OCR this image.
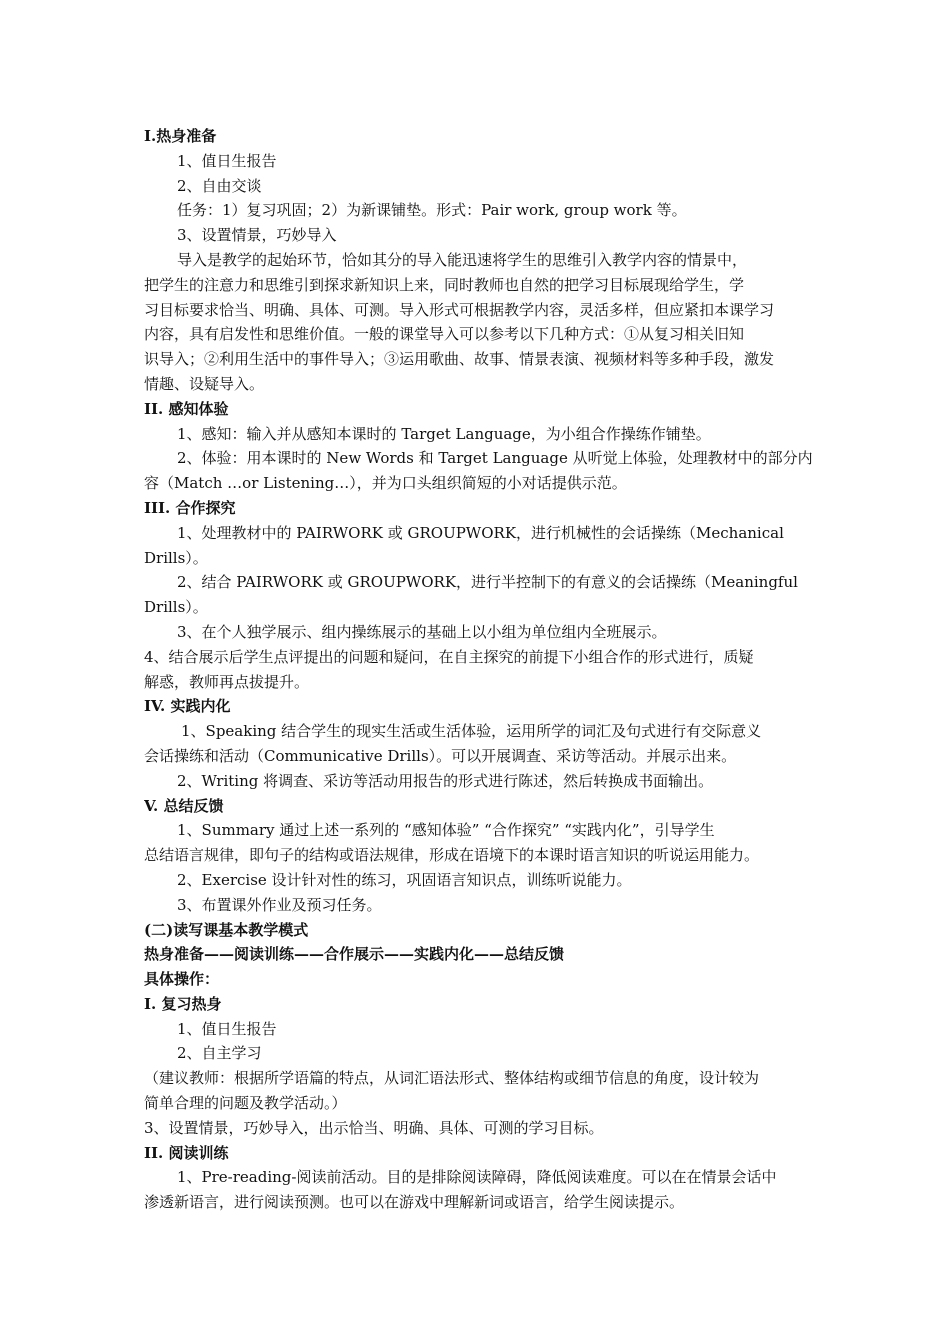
I.热身准备
1、值日生报告
2、自由交谈
任务：1）复习巩固；2）为新课铺垫。形式：Pair work, group work 等。
3、设置情景，巧妙导入
导入是教学的起始环节，恰如其分的导入能迅速将学生的思维引入教学内容的情景中，
把学生的注意力和思维引到探求新知识上来，同时教师也自然的把学习目标展现给学生，学
习目标要求恰当、明确、具体、可测。导入形式可根据教学内容，灵活多样，但应紧扣本课学习
内容，具有启发性和思维价值。一般的课堂导入可以参考以下几种方式：①从复习相关旧知
识导入；②利用生活中的事件导入；③运用歌曲、故事、情景表演、视频材料等多种手段，激发
情趣、设疑导入。
II. 感知体验
1、感知：输入并从感知本课时的 Target Language，为小组合作操练作铺垫。
2、体验：用本课时的 New Words 和 Target Language 从听觉上体验，处理教材中的部分内
容（Match …or Listening…），并为口头组织简短的小对话提供示范。
III. 合作探究
1、处理教材中的 PAIRWORK 或 GROUPWORK，进行机械性的会话操练（Mechanical
Drills）。
2、结合 PAIRWORK 或 GROUPWORK，进行半控制下的有意义的会话操练（Meaningful
Drills）。
3、在个人独学展示、组内操练展示的基础上以小组为单位组内全班展示。
4、结合展示后学生点评提出的问题和疑问，在自主探究的前提下小组合作的形式进行，质疑
解惑，教师再点拔提升。
IV. 实践内化
1、Speaking 结合学生的现实生活或生活体验，运用所学的词汇及句式进行有交际意义
会话操练和活动（Communicative Drills）。可以开展调查、采访等活动。并展示出来。
2、Writing 将调查、采访等活动用报告的形式进行陈述，然后转换成书面输出。
V. 总结反馈
1、Summary 通过上述一系列的 “感知体验” “合作探究” “实践内化”，引导学生
总结语言规律，即句子的结构或语法规律，形成在语境下的本课时语言知识的听说运用能力。
2、Exercise 设计针对性的练习，巩固语言知识点，训练听说能力。
3、布置课外作业及预习任务。
(二)读写课基本教学模式
热身准备——阅读训练——合作展示——实践内化——总结反馈
具体操作：
I. 复习热身
1、值日生报告
2、自主学习
（建议教师：根据所学语篇的特点，从词汇语法形式、整体结构或细节信息的角度，设计较为
简单合理的问题及教学活动。）
3、设置情景，巧妙导入，出示恰当、明确、具体、可测的学习目标。
II. 阅读训练
1、Pre-reading-阅读前活动。目的是排除阅读障碍，降低阅读难度。可以在在情景会话中
渗透新语言，进行阅读预测。也可以在游戏中理解新词或语言，给学生阅读提示。
